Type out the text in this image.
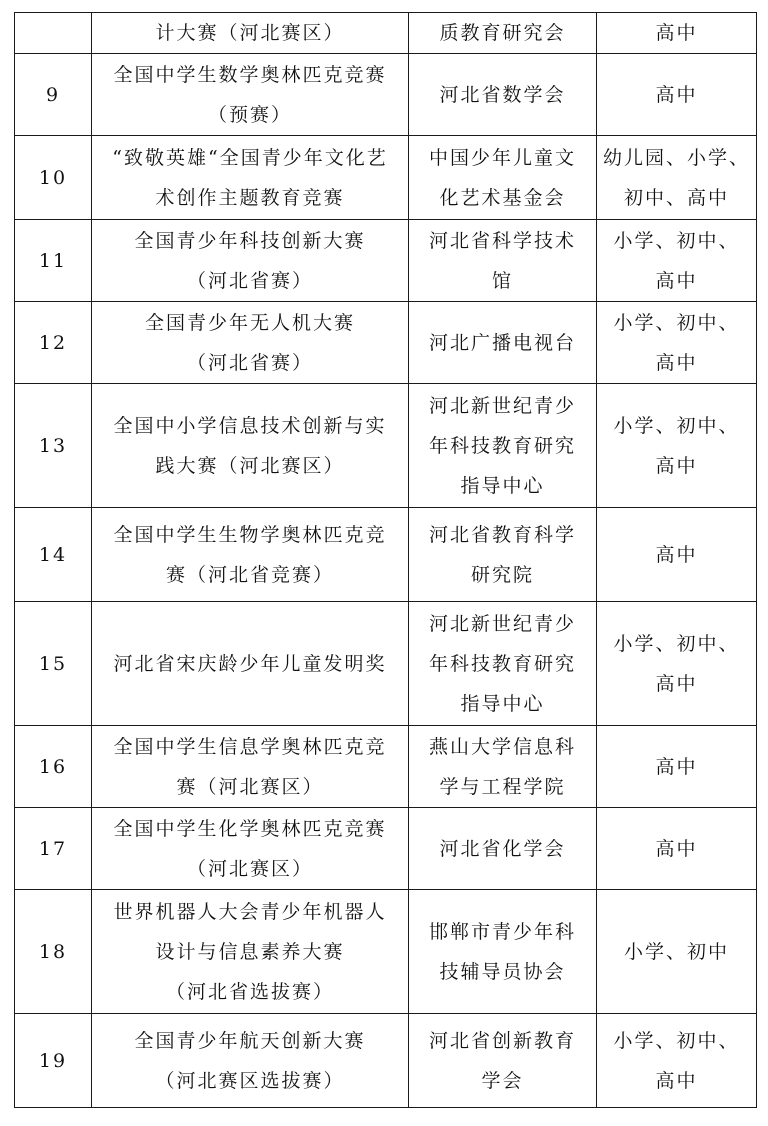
	计大赛（河北赛区）	质教育研究会	高中

9	全国中学生数学奥林匹克竞赛
（预赛）	河北省数学会	高中

10	“致敬英雄“全国青少年文化艺
术创作主题教育竞赛	中国少年儿童文
化艺术基金会	幼儿园、小学、
初中、高中

11	全国青少年科技创新大赛
（河北省赛）	河北省科学技术
馆	小学、初中、
高中

12	全国青少年无人机大赛
（河北省赛）	河北广播电视台	小学、初中、
高中

13	全国中小学信息技术创新与实
践大赛（河北赛区）	河北新世纪青少
年科技教育研究
指导中心	小学、初中、
高中

14	全国中学生生物学奥林匹克竞
赛（河北省竞赛）	河北省教育科学
研究院	高中

15	河北省宋庆龄少年儿童发明奖	河北新世纪青少
年科技教育研究
指导中心	小学、初中、
高中

16	全国中学生信息学奥林匹克竞
赛（河北赛区）	燕山大学信息科
学与工程学院	高中

17	全国中学生化学奥林匹克竞赛
（河北赛区）	河北省化学会	高中

18	世界机器人大会青少年机器人
设计与信息素养大赛
（河北省选拔赛）	邯郸市青少年科
技辅导员协会	小学、初中

19	全国青少年航天创新大赛
（河北赛区选拔赛）	河北省创新教育
学会	小学、初中、
高中
